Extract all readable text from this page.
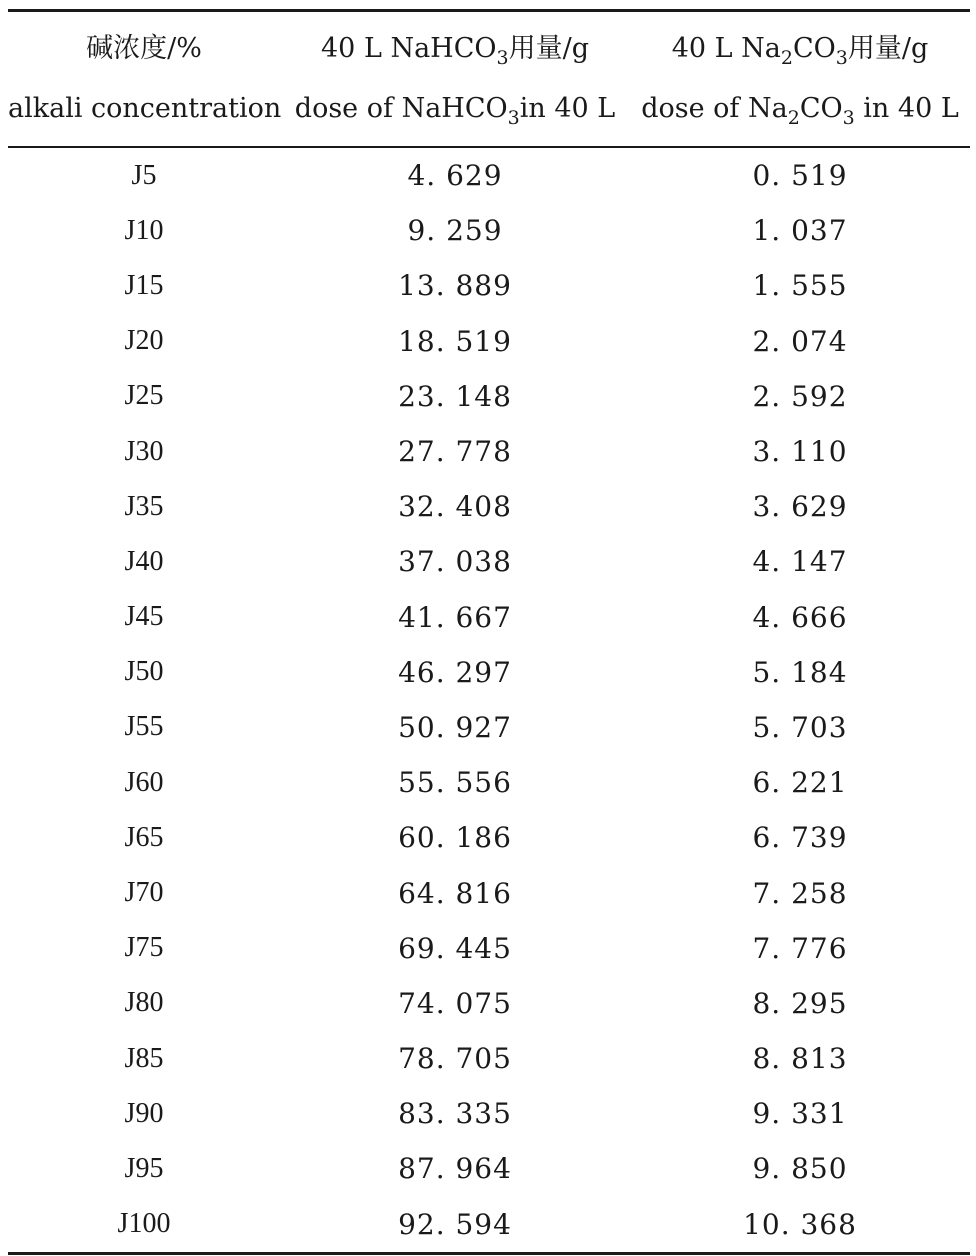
碱浓度/%	40 L NaHCO$_3$用量/g	40 L $Na_2CO_3$用量/g
alkali concentration	dose of NaHCO$_3$in 40 L	dose of $Na_2CO_3$ in 40 L
J5	4. 629	0. 519
J10	9. 259	1. 037
J15	13. 889	1. 555
J20	18. 519	2. 074
J25	23. 148	2. 592
J30	27. 778	3. 110
J35	32. 408	3. 629
J40	37. 038	4. 147
J45	41. 667	4. 666
J50	46. 297	5. 184
J55	50. 927	5. 703
J60	55. 556	6. 221
J65	60. 186	6. 739
J70	64. 816	7. 258
J75	69. 445	7. 776
J80	74. 075	8. 295
J85	78. 705	8. 813
J90	83. 335	9. 331
J95	87. 964	9. 850
J100	92. 594	10. 368
